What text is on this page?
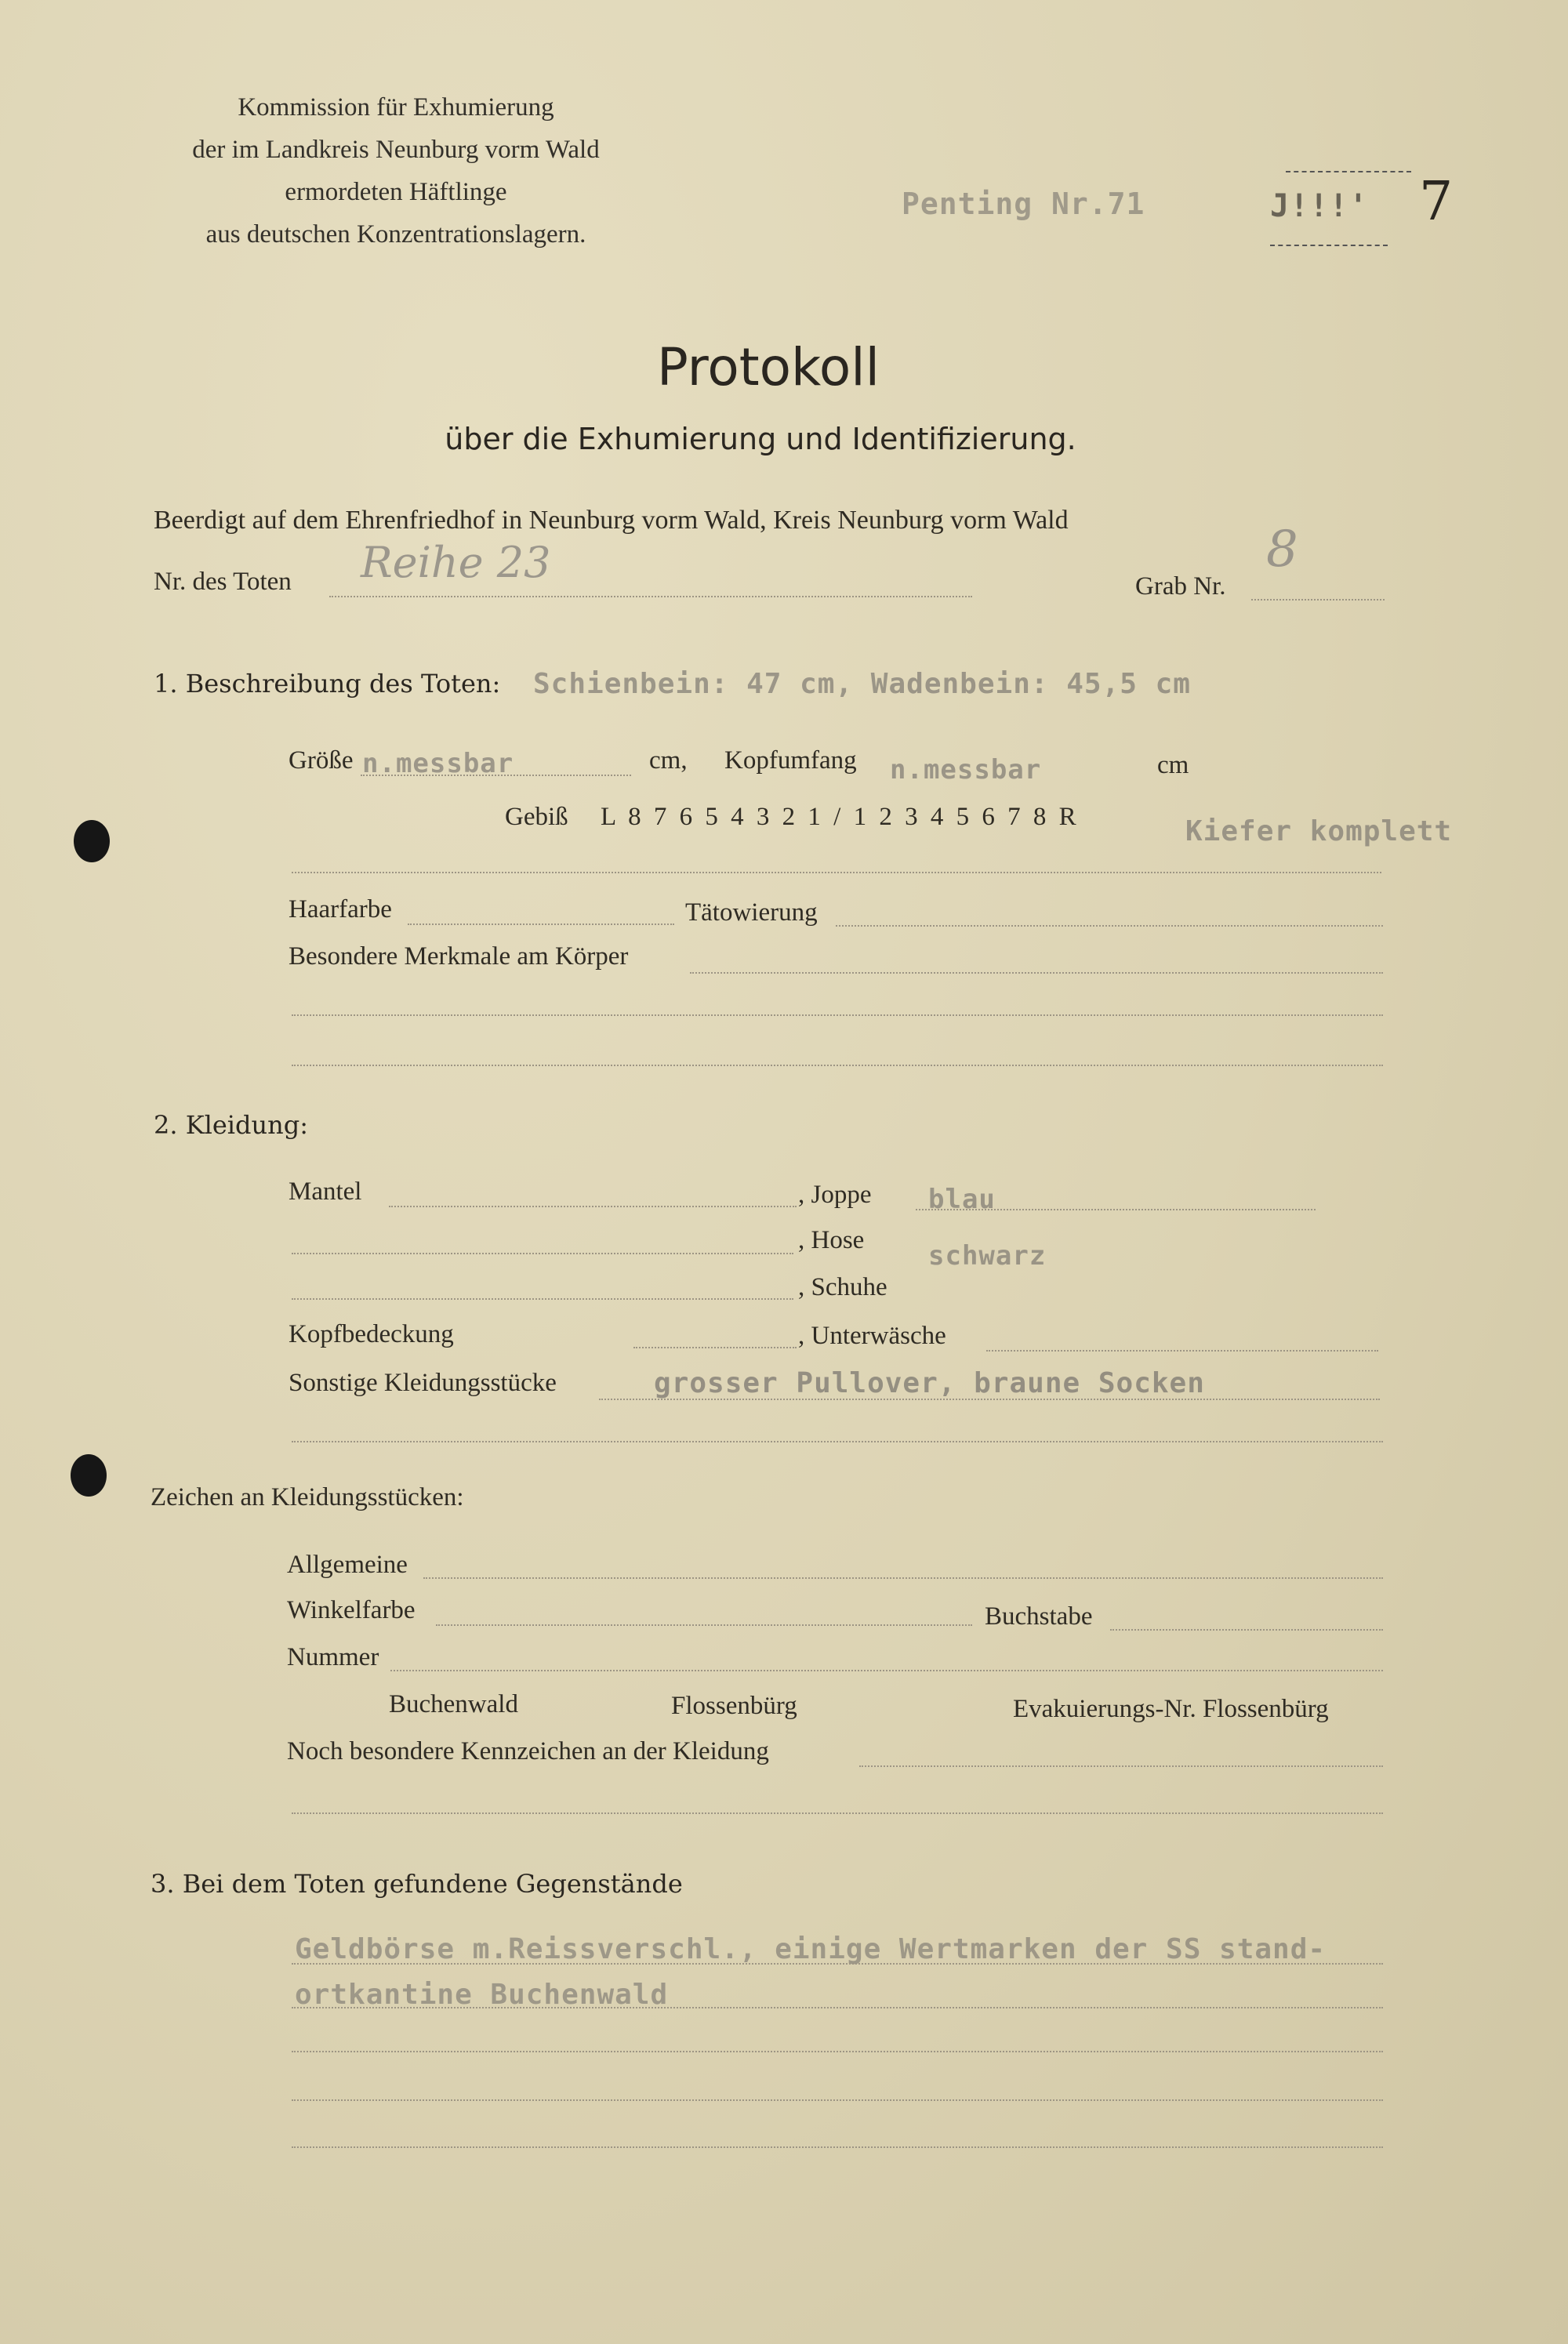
Kommission für Exhumierung
der im Landkreis Neunburg vorm Wald
ermordeten Häftlinge
aus deutschen Konzentrationslagern.
Penting Nr.71	J!!!' 7
Protokoll
über die Exhumierung und Identifizierung.
Beerdigt auf dem Ehrenfriedhof in Neunburg vorm Wald, Kreis Neunburg vorm Wald
Nr. des Toten Reihe 23	Grab Nr.
8
1. Beschreibung des Toten: Schienbein: 47 cm, Wadenbein: 45,5 cm
Größe n.messbar	cm, Kopfumfang n.messbar	cm
Gebiß L 8 7 6 5 4 3 2 1 / 1 2 3 4 5 6 7 8 R	Kiefer komplett
Haarfarbe	Tätowierung
Besondere Merkmale am Körper
2. Kleidung:
Mantel	, Joppe blau
, Hose schwarz
, Schuhe
Kopfbedeckung	, Unterwäsche
Sonstige Kleidungsstücke	grosser Pullover, braune Socken
Zeichen an Kleidungsstücken:
Allgemeine
Winkelfarbe	Buchstabe
Nummer
Buchenwald	Flossenbürg	Evakuierungs-Nr. Flossenbürg
Noch besondere Kennzeichen an der Kleidung
3. Bei dem Toten gefundene Gegenstände
Geldbörse m.Reissverschl., einige Wertmarken der SS stand-
ortkantine Buchenwald
